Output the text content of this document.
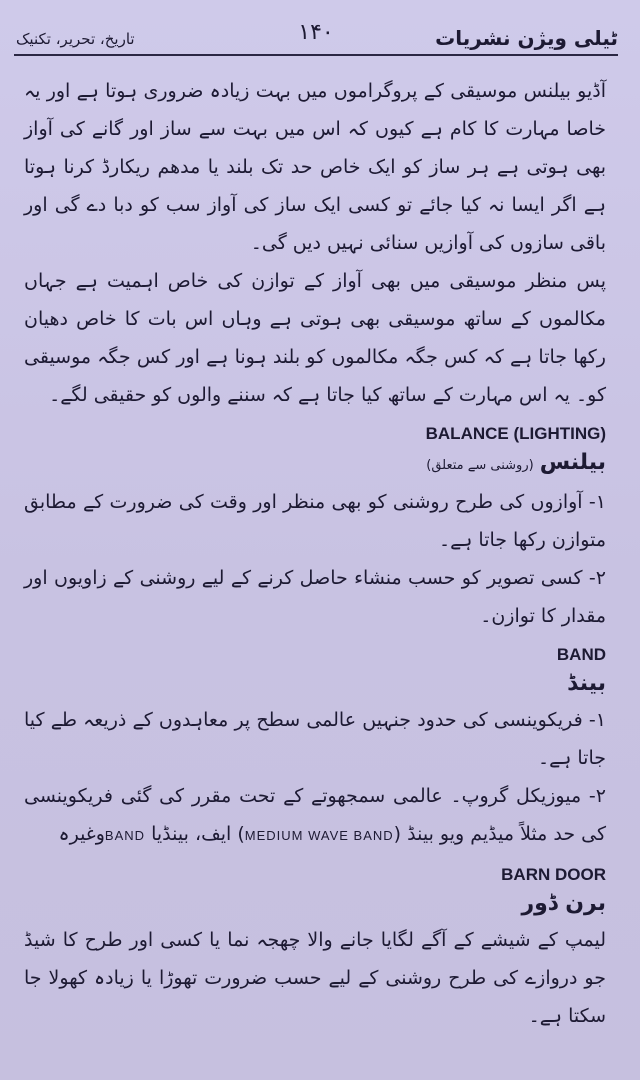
تاریخ، تحریر، تکنیک	۱۴۰	ٹیلی ویژن نشریات

آڈیو بیلنس موسیقی کے پروگراموں میں بہت زیادہ ضروری ہوتا ہے اور یہ خاصا مہارت کا کام ہے کیوں کہ اس میں بہت سے ساز اور گانے کی آواز بھی ہوتی ہے ہر ساز کو ایک خاص حد تک بلند یا مدھم ریکارڈ کرنا ہوتا ہے اگر ایسا نہ کیا جائے تو کسی ایک ساز کی آواز سب کو دبا دے گی اور باقی سازوں کی آوازیں سنائی نہیں دیں گی۔

پس منظر موسیقی میں بھی آواز کے توازن کی خاص اہمیت ہے جہاں مکالموں کے ساتھ موسیقی بھی ہوتی ہے وہاں اس بات کا خاص دھیان رکھا جاتا ہے کہ کس جگہ مکالموں کو بلند ہونا ہے اور کس جگہ موسیقی کو۔ یہ اس مہارت کے ساتھ کیا جاتا ہے کہ سننے والوں کو حقیقی لگے۔

BALANCE (LIGHTING)

بیلنس(روشنی سے متعلق)

۱- آوازوں کی طرح روشنی کو بھی منظر اور وقت کی ضرورت کے مطابق متوازن رکھا جاتا ہے۔

۲- کسی تصویر کو حسب منشاء حاصل کرنے کے لیے روشنی کے زاویوں اور مقدار کا توازن۔

BAND

بینڈ

۱- فریکوینسی کی حدود جنہیں عالمی سطح پر معاہدوں کے ذریعہ طے کیا جاتا ہے۔

۲- میوزیکل گروپ۔ عالمی سمجھوتے کے تحت مقرر کی گئی فریکوینسی کی حد مثلاً میڈیم ویو بینڈ (MEDIUM WAVE BAND) ایف، بینڈیا BANDوغیرہ

BARN DOOR

برن ڈور

لیمپ کے شیشے کے آگے لگایا جانے والا چھجہ نما یا کسی اور طرح کا شیڈ جو دروازے کی طرح روشنی کے لیے حسب ضرورت تھوڑا یا زیادہ کھولا جا سکتا ہے۔
